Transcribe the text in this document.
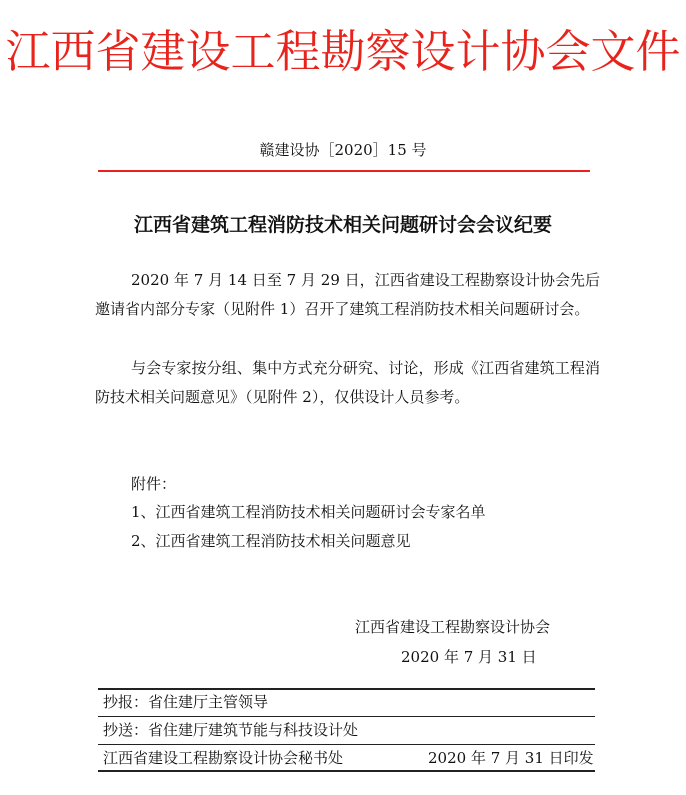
江西省建设工程勘察设计协会文件
赣建设协［2020］15 号
江西省建筑工程消防技术相关问题研讨会会议纪要
2020 年 7 月 14 日至 7 月 29 日，江西省建设工程勘察设计协会先后邀请省内部分专家（见附件 1）召开了建筑工程消防技术相关问题研讨会。
与会专家按分组、集中方式充分研究、讨论，形成《江西省建筑工程消防技术相关问题意见》（见附件 2），仅供设计人员参考。
附件：
1、江西省建筑工程消防技术相关问题研讨会专家名单
2、江西省建筑工程消防技术相关问题意见
江西省建设工程勘察设计协会
2020 年 7 月 31 日
抄报：省住建厅主管领导
抄送：省住建厅建筑节能与科技设计处
江西省建设工程勘察设计协会秘书处	2020 年 7 月 31 日印发
